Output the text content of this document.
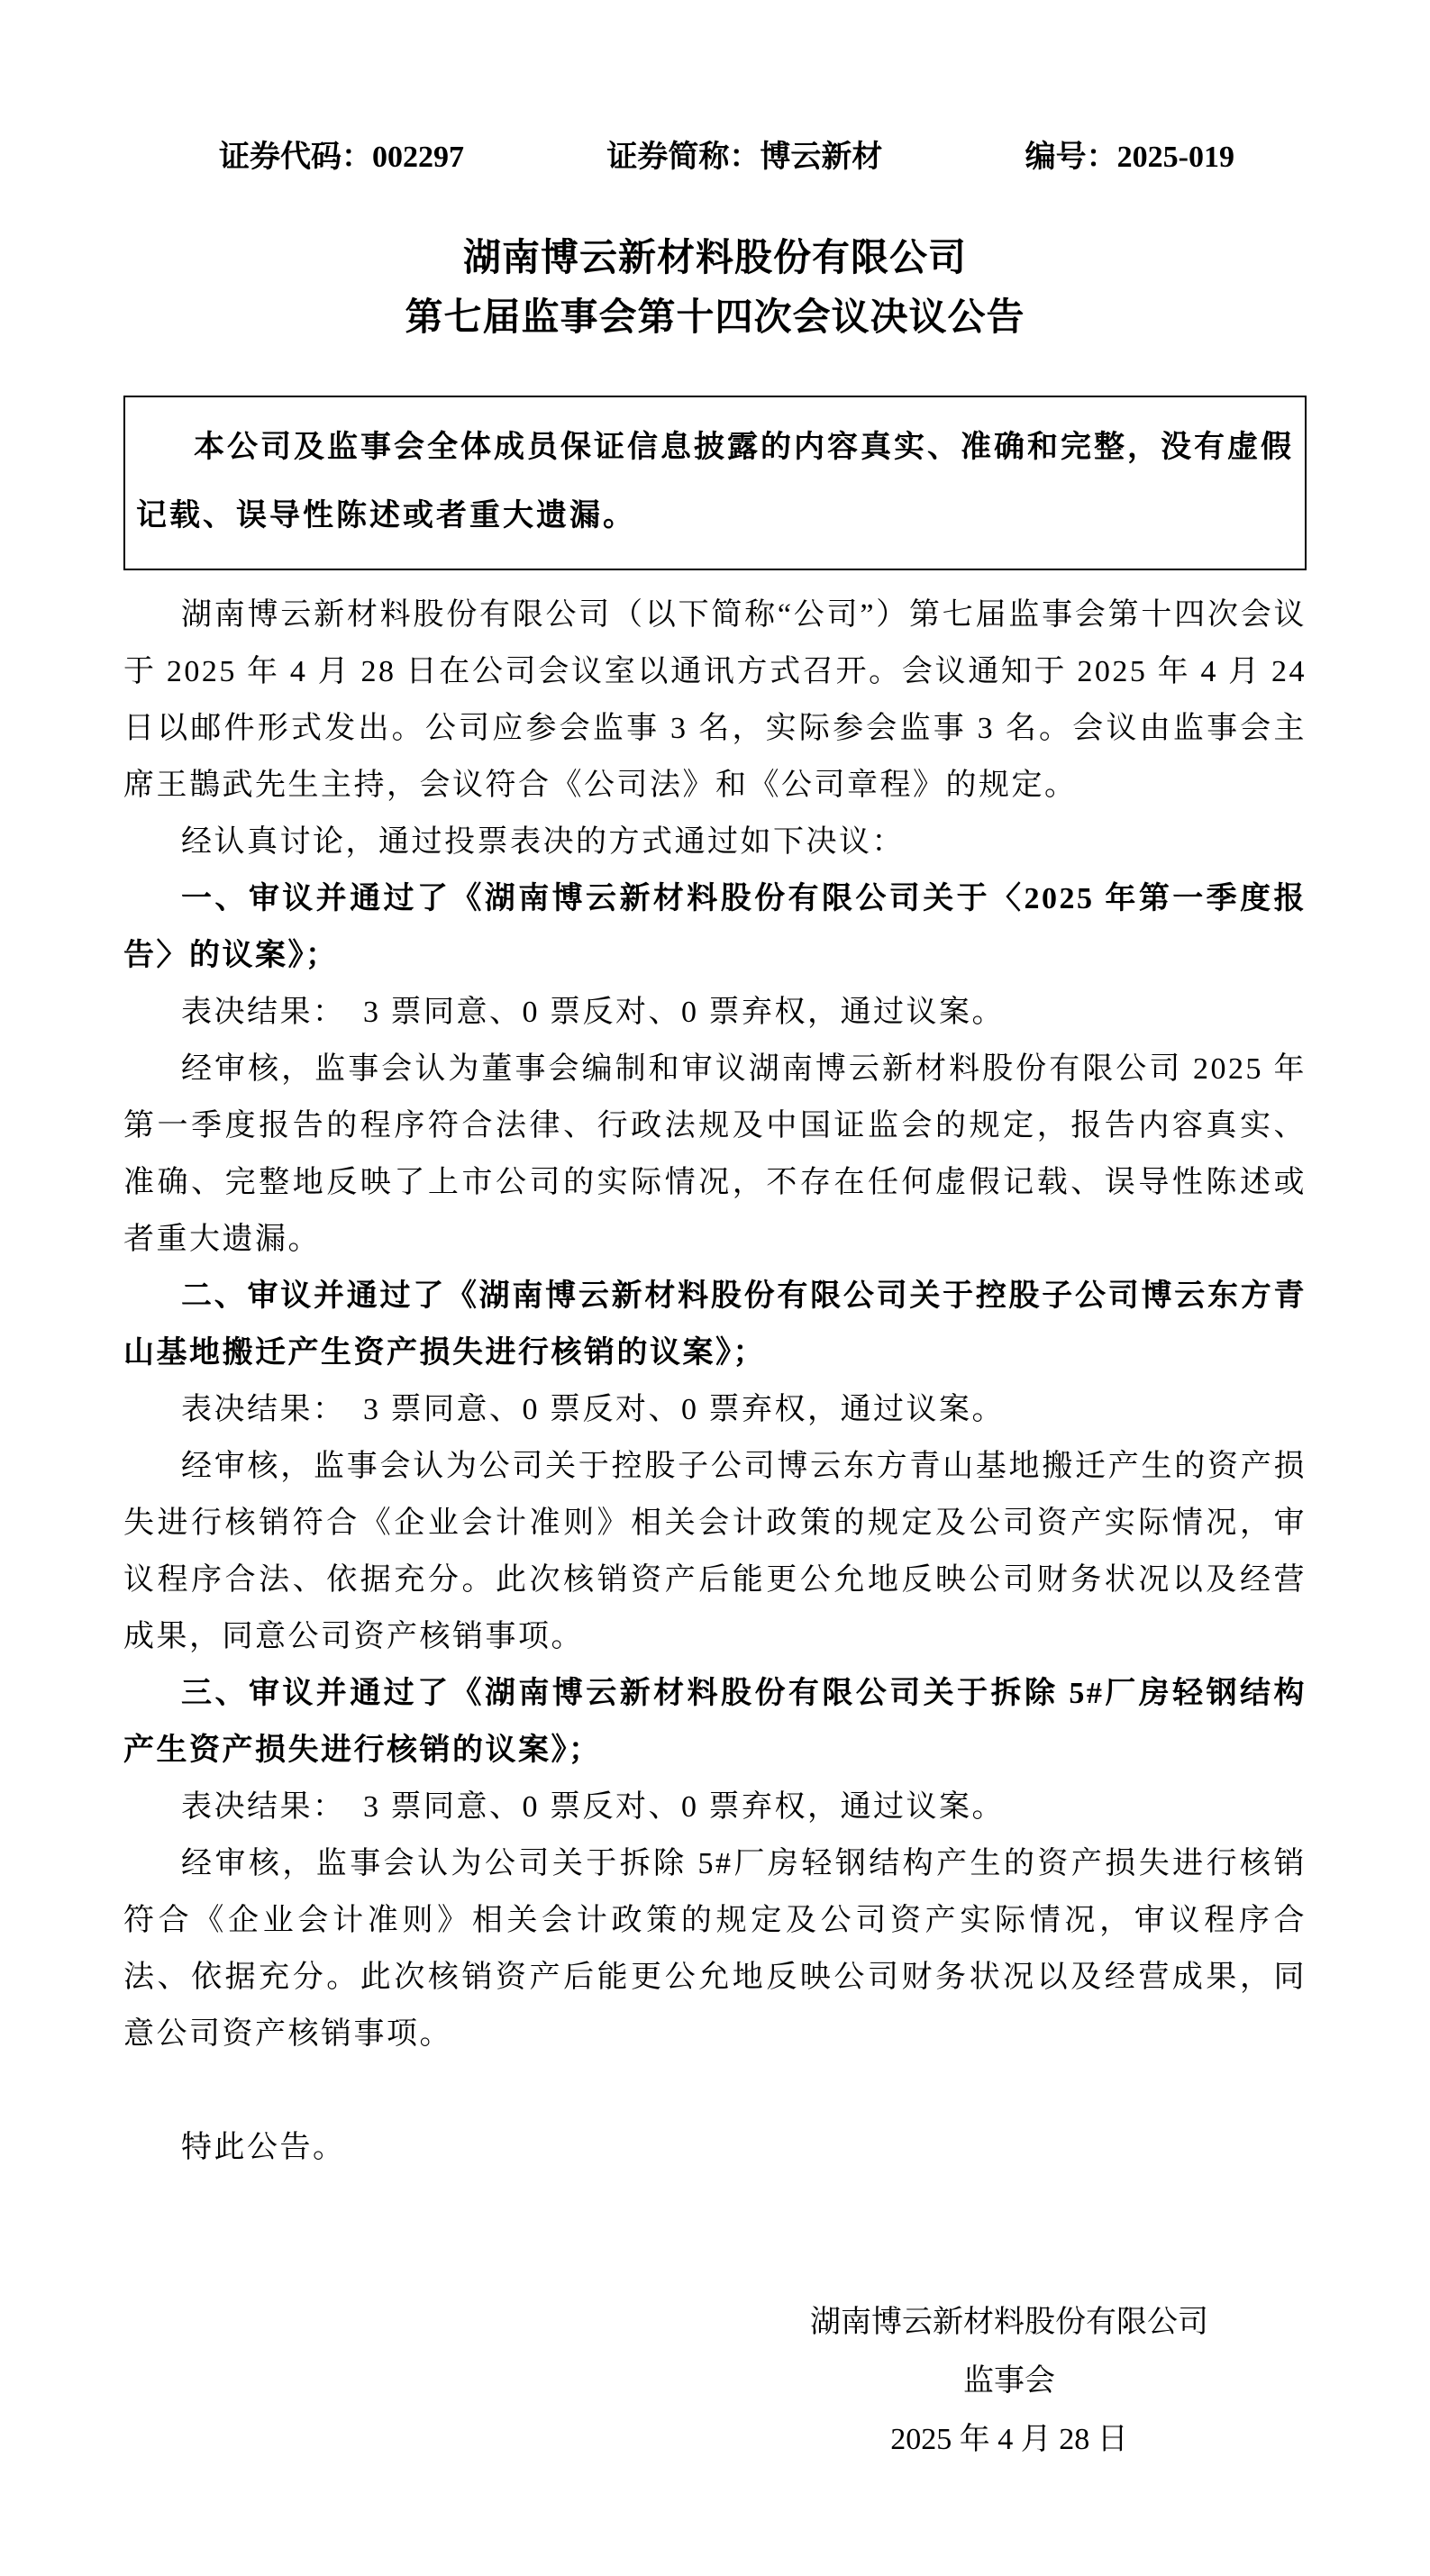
证券代码：002297	证券简称：博云新材	编号：2025-019
湖南博云新材料股份有限公司
第七届监事会第十四次会议决议公告
本公司及监事会全体成员保证信息披露的内容真实、准确和完整，没有虚假记载、误导性陈述或者重大遗漏。

湖南博云新材料股份有限公司（以下简称“公司”）第七届监事会第十四次会议于 2025 年 4 月 28 日在公司会议室以通讯方式召开。会议通知于 2025 年 4 月 24 日以邮件形式发出。公司应参会监事 3 名，实际参会监事 3 名。会议由监事会主席王鵲武先生主持，会议符合《公司法》和《公司章程》的规定。

经认真讨论，通过投票表决的方式通过如下决议：

一、审议并通过了《湖南博云新材料股份有限公司关于〈2025 年第一季度报告〉的议案》；

表决结果：　3 票同意、0 票反对、0 票弃权，通过议案。

经审核，监事会认为董事会编制和审议湖南博云新材料股份有限公司 2025 年第一季度报告的程序符合法律、行政法规及中国证监会的规定，报告内容真实、准确、完整地反映了上市公司的实际情况，不存在任何虚假记载、误导性陈述或者重大遗漏。

二、审议并通过了《湖南博云新材料股份有限公司关于控股子公司博云东方青山基地搬迁产生资产损失进行核销的议案》；

表决结果：　3 票同意、0 票反对、0 票弃权，通过议案。

经审核，监事会认为公司关于控股子公司博云东方青山基地搬迁产生的资产损失进行核销符合《企业会计准则》相关会计政策的规定及公司资产实际情况，审议程序合法、依据充分。此次核销资产后能更公允地反映公司财务状况以及经营成果，同意公司资产核销事项。

三、审议并通过了《湖南博云新材料股份有限公司关于拆除 5#厂房轻钢结构产生资产损失进行核销的议案》；

表决结果：　3 票同意、0 票反对、0 票弃权，通过议案。

经审核，监事会认为公司关于拆除 5#厂房轻钢结构产生的资产损失进行核销符合《企业会计准则》相关会计政策的规定及公司资产实际情况，审议程序合法、依据充分。此次核销资产后能更公允地反映公司财务状况以及经营成果，同意公司资产核销事项。

特此公告。

湖南博云新材料股份有限公司
监事会
2025 年 4 月 28 日
